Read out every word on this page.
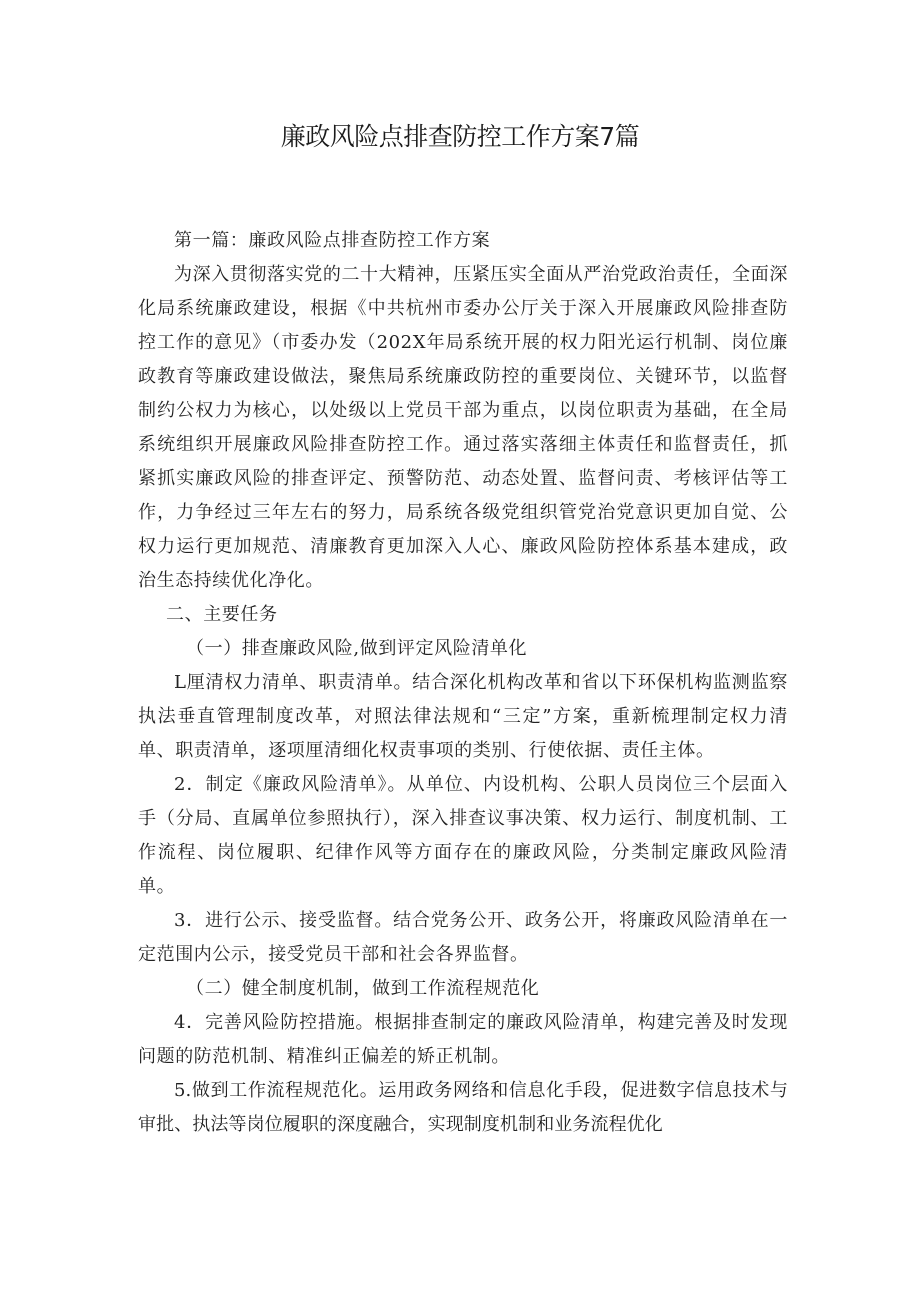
廉政风险点排查防控工作方案7篇

第一篇：廉政风险点排查防控工作方案

为深入贯彻落实党的二十大精神，压紧压实全面从严治党政治责任，全面深化局系统廉政建设，根据《中共杭州市委办公厅关于深入开展廉政风险排查防控工作的意见》（市委办发（202X年局系统开展的权力阳光运行机制、岗位廉政教育等廉政建设做法，聚焦局系统廉政防控的重要岗位、关键环节，以监督制约公权力为核心，以处级以上党员干部为重点，以岗位职责为基础，在全局系统组织开展廉政风险排查防控工作。通过落实落细主体责任和监督责任，抓紧抓实廉政风险的排查评定、预警防范、动态处置、监督问责、考核评估等工作，力争经过三年左右的努力，局系统各级党组织管党治党意识更加自觉、公权力运行更加规范、清廉教育更加深入人心、廉政风险防控体系基本建成，政治生态持续优化净化。

二、主要任务

（一）排查廉政风险,做到评定风险清单化

L厘清权力清单、职责清单。结合深化机构改革和省以下环保机构监测监察执法垂直管理制度改革，对照法律法规和“三定”方案，重新梳理制定权力清单、职责清单，逐项厘清细化权责事项的类别、行使依据、责任主体。

2．制定《廉政风险清单》。从单位、内设机构、公职人员岗位三个层面入手（分局、直属单位参照执行），深入排查议事决策、权力运行、制度机制、工作流程、岗位履职、纪律作风等方面存在的廉政风险，分类制定廉政风险清单。

3．进行公示、接受监督。结合党务公开、政务公开，将廉政风险清单在一定范围内公示，接受党员干部和社会各界监督。

（二）健全制度机制，做到工作流程规范化

4．完善风险防控措施。根据排查制定的廉政风险清单，构建完善及时发现问题的防范机制、精准纠正偏差的矫正机制。

5.做到工作流程规范化。运用政务网络和信息化手段，促进数字信息技术与审批、执法等岗位履职的深度融合，实现制度机制和业务流程优化
